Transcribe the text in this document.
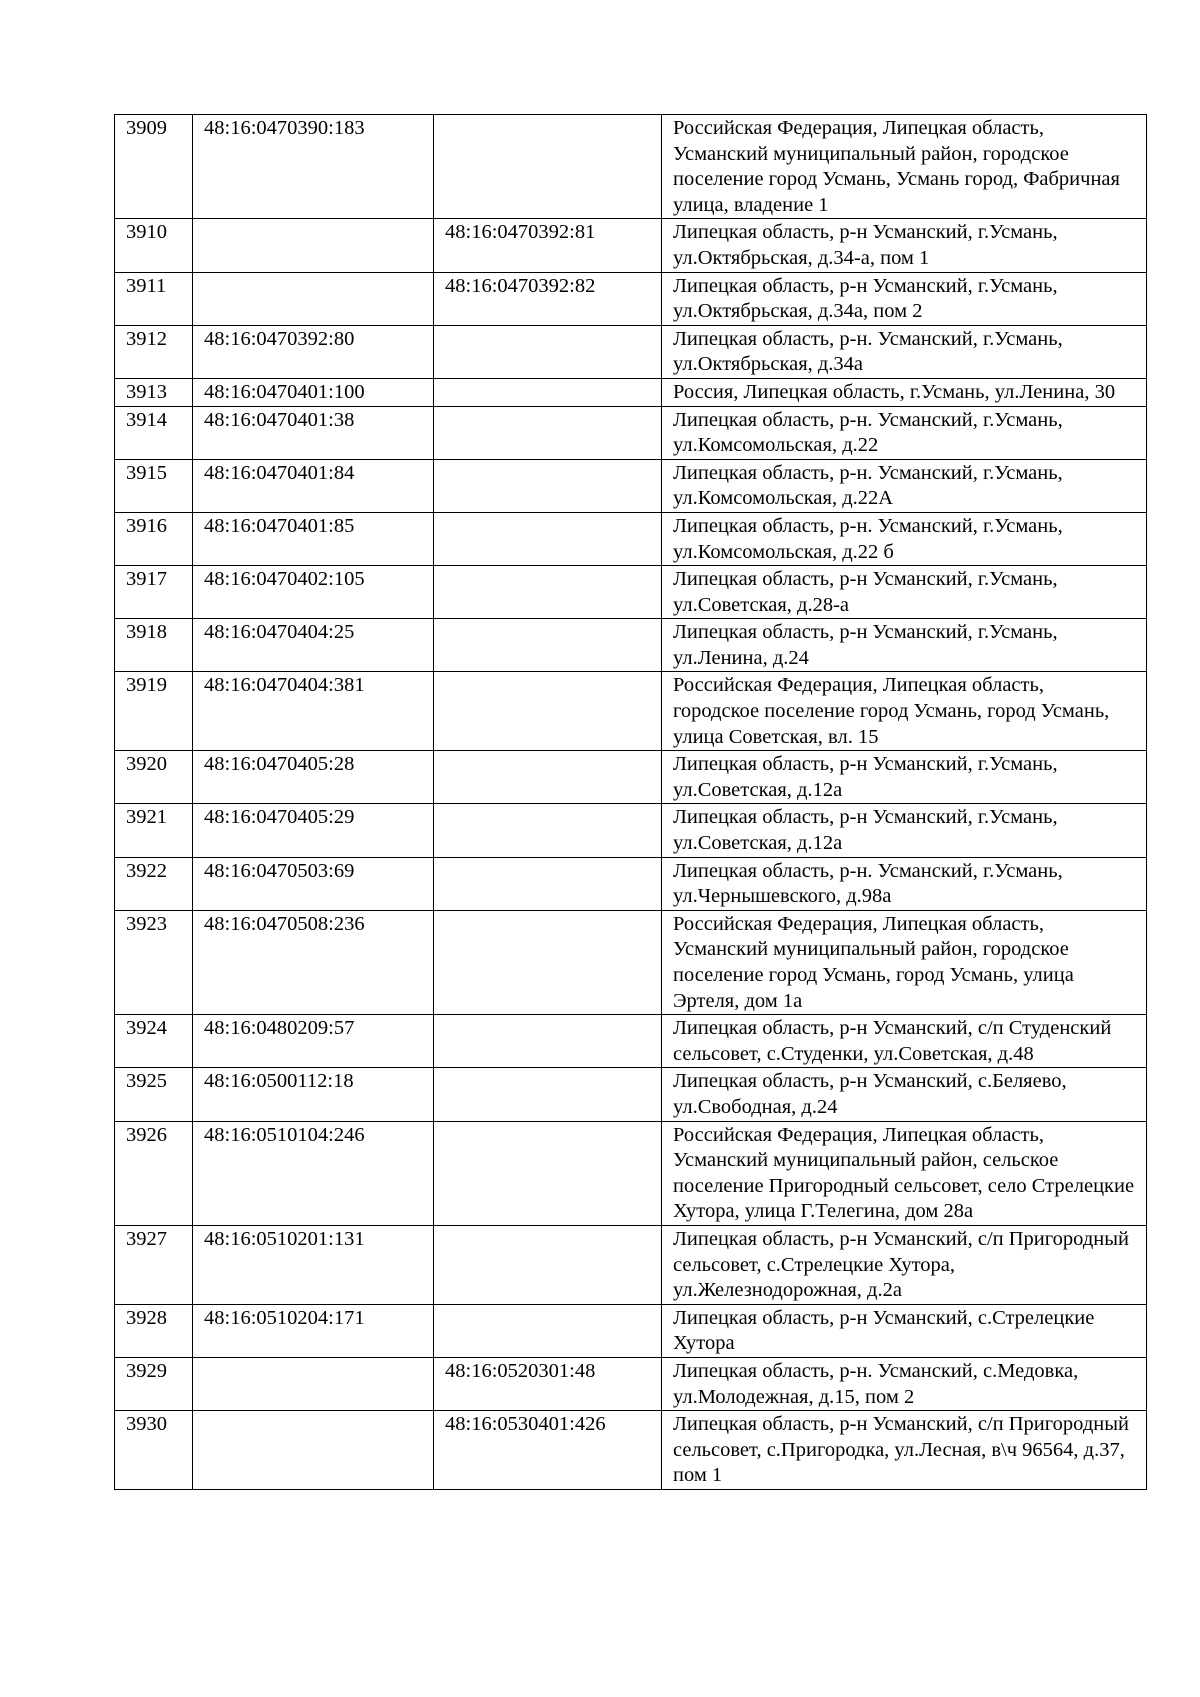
3909	48:16:0470390:183		Российская Федерация, Липецкая область, Усманский муниципальный район, городское поселение город Усмань, Усмань город, Фабричная улица, владение 1
3910		48:16:0470392:81	Липецкая область, р-н Усманский, г.Усмань, ул.Октябрьская, д.34-а, пом 1
3911		48:16:0470392:82	Липецкая область, р-н Усманский, г.Усмань, ул.Октябрьская, д.34а, пом 2
3912	48:16:0470392:80		Липецкая область, р-н. Усманский, г.Усмань, ул.Октябрьская, д.34а
3913	48:16:0470401:100		Россия, Липецкая область, г.Усмань, ул.Ленина, 30
3914	48:16:0470401:38		Липецкая область, р-н. Усманский, г.Усмань, ул.Комсомольская, д.22
3915	48:16:0470401:84		Липецкая область, р-н. Усманский, г.Усмань, ул.Комсомольская, д.22А
3916	48:16:0470401:85		Липецкая область, р-н. Усманский, г.Усмань, ул.Комсомольская, д.22 б
3917	48:16:0470402:105		Липецкая область, р-н Усманский, г.Усмань, ул.Советская, д.28-а
3918	48:16:0470404:25		Липецкая область, р-н Усманский, г.Усмань, ул.Ленина, д.24
3919	48:16:0470404:381		Российская Федерация, Липецкая область, городское поселение город Усмань, город Усмань, улица Советская, вл. 15
3920	48:16:0470405:28		Липецкая область, р-н Усманский, г.Усмань, ул.Советская, д.12а
3921	48:16:0470405:29		Липецкая область, р-н Усманский, г.Усмань, ул.Советская, д.12а
3922	48:16:0470503:69		Липецкая область, р-н. Усманский, г.Усмань, ул.Чернышевского, д.98а
3923	48:16:0470508:236		Российская Федерация, Липецкая область, Усманский муниципальный район, городское поселение город Усмань, город Усмань, улица Эртеля, дом 1а
3924	48:16:0480209:57		Липецкая область, р-н Усманский, с/п Студенский сельсовет, с.Студенки, ул.Советская, д.48
3925	48:16:0500112:18		Липецкая область, р-н Усманский, с.Беляево, ул.Свободная, д.24
3926	48:16:0510104:246		Российская Федерация, Липецкая область, Усманский муниципальный район, сельское поселение Пригородный сельсовет, село Стрелецкие Хутора, улица Г.Телегина, дом 28а
3927	48:16:0510201:131		Липецкая область, р-н Усманский, с/п Пригородный сельсовет, с.Стрелецкие Хутора, ул.Железнодорожная, д.2а
3928	48:16:0510204:171		Липецкая область, р-н Усманский, с.Стрелецкие Хутора
3929		48:16:0520301:48	Липецкая область, р-н. Усманский, с.Медовка, ул.Молодежная, д.15, пом 2
3930		48:16:0530401:426	Липецкая область, р-н Усманский, с/п Пригородный сельсовет, с.Пригородка, ул.Лесная, в\ч 96564, д.37, пом 1
